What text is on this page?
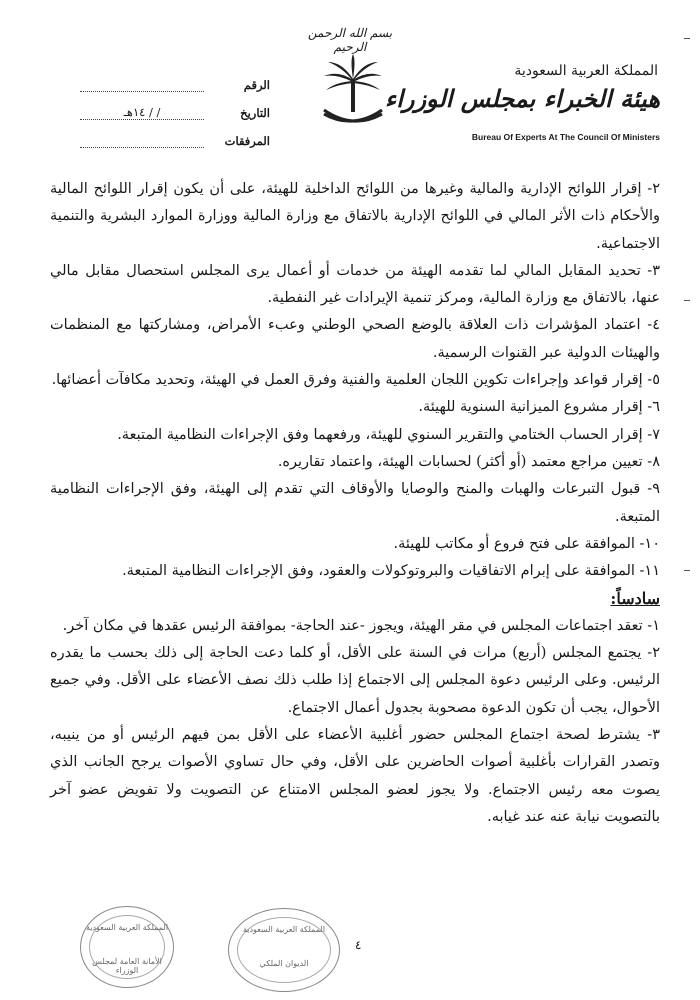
بسم الله الرحمن الرحيم
المملكة العربية السعودية
هيئة الخبراء بمجلس الوزراء
Bureau Of Experts At The Council Of Ministers
الرقم
التاريخ
/ / ١٤هـ
المرفقات

٢- إقرار اللوائح الإدارية والمالية وغيرها من اللوائح الداخلية للهيئة، على أن يكون إقرار اللوائح المالية والأحكام ذات الأثر المالي في اللوائح الإدارية بالاتفاق مع وزارة المالية ووزارة الموارد البشرية والتنمية الاجتماعية.

٣- تحديد المقابل المالي لما تقدمه الهيئة من خدمات أو أعمال يرى المجلس استحصال مقابل مالي عنها، بالاتفاق مع وزارة المالية، ومركز تنمية الإيرادات غير النفطية.

٤- اعتماد المؤشرات ذات العلاقة بالوضع الصحي الوطني وعبء الأمراض، ومشاركتها مع المنظمات والهيئات الدولية عبر القنوات الرسمية.

٥- إقرار قواعد وإجراءات تكوين اللجان العلمية والفنية وفرق العمل في الهيئة، وتحديد مكافآت أعضائها.

٦- إقرار مشروع الميزانية السنوية للهيئة.

٧- إقرار الحساب الختامي والتقرير السنوي للهيئة، ورفعهما وفق الإجراءات النظامية المتبعة.

٨- تعيين مراجع معتمد (أو أكثر) لحسابات الهيئة، واعتماد تقاريره.

٩- قبول التبرعات والهبات والمنح والوصايا والأوقاف التي تقدم إلى الهيئة، وفق الإجراءات النظامية المتبعة.

١٠- الموافقة على فتح فروع أو مكاتب للهيئة.

١١- الموافقة على إبرام الاتفاقيات والبروتوكولات والعقود، وفق الإجراءات النظامية المتبعة.

سادساً:

١- تعقد اجتماعات المجلس في مقر الهيئة، ويجوز -عند الحاجة- بموافقة الرئيس عقدها في مكان آخر.

٢- يجتمع المجلس (أربع) مرات في السنة على الأقل، أو كلما دعت الحاجة إلى ذلك بحسب ما يقدره الرئيس. وعلى الرئيس دعوة المجلس إلى الاجتماع إذا طلب ذلك نصف الأعضاء على الأقل. وفي جميع الأحوال، يجب أن تكون الدعوة مصحوبة بجدول أعمال الاجتماع.

٣- يشترط لصحة اجتماع المجلس حضور أغلبية الأعضاء على الأقل بمن فيهم الرئيس أو من ينيبه، وتصدر القرارات بأغلبية أصوات الحاضرين على الأقل، وفي حال تساوي الأصوات يرجح الجانب الذي يصوت معه رئيس الاجتماع. ولا يجوز لعضو المجلس الامتناع عن التصويت ولا تفويض عضو آخر بالتصويت نيابة عنه عند غيابه.

المملكة العربية السعودية
الأمانة العامة لمجلس الوزراء
المملكة العربية السعودية
الديوان الملكي
٤
